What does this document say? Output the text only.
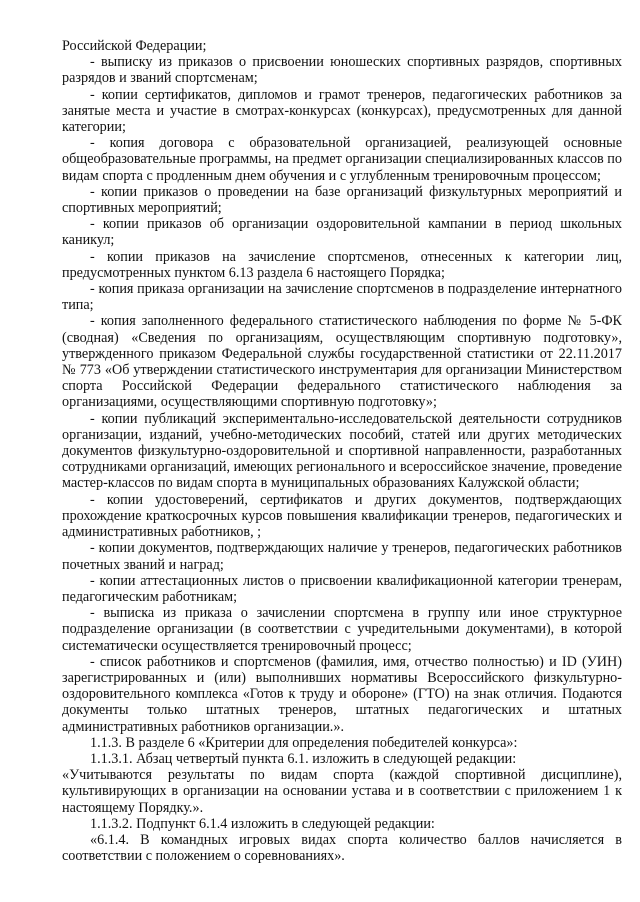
Российской Федерации;

- выписку из приказов о присвоении юношеских спортивных разрядов, спортивных разрядов и званий спортсменам;

- копии сертификатов, дипломов и грамот тренеров, педагогических работников за занятые места и участие в смотрах-конкурсах (конкурсах), предусмотренных для данной категории;

- копия договора с образовательной организацией, реализующей основные общеобразовательные программы, на предмет организации специализированных классов по видам спорта с продленным днем обучения и с углубленным тренировочным процессом;

- копии приказов о проведении на базе организаций физкультурных мероприятий и спортивных мероприятий;

- копии приказов об организации оздоровительной кампании в период школьных каникул;

- копии приказов на зачисление спортсменов, отнесенных к категории лиц, предусмотренных пунктом 6.13 раздела 6 настоящего Порядка;

- копия приказа организации на зачисление спортсменов в подразделение интернатного типа;

- копия заполненного федерального статистического наблюдения по форме № 5-ФК (сводная) «Сведения по организациям, осуществляющим спортивную подготовку», утвержденного приказом Федеральной службы государственной статистики от 22.11.2017 № 773 «Об утверждении статистического инструментария для организации Министерством спорта Российской Федерации федерального статистического наблюдения за организациями, осуществляющими спортивную подготовку»;

- копии публикаций экспериментально-исследовательской деятельности сотрудников организации, изданий, учебно-методических пособий, статей или других методических документов физкультурно-оздоровительной и спортивной направленности, разработанных сотрудниками организаций, имеющих регионального и всероссийское значение, проведение мастер-классов по видам спорта в муниципальных образованиях Калужской области;

- копии удостоверений, сертификатов и других документов, подтверждающих прохождение краткосрочных курсов повышения квалификации тренеров, педагогических и административных работников, ;

- копии документов, подтверждающих наличие у тренеров, педагогических работников почетных званий и наград;

- копии аттестационных листов о присвоении квалификационной категории тренерам, педагогическим работникам;

- выписка из приказа о зачислении спортсмена в группу или иное структурное подразделение организации (в соответствии с учредительными документами), в которой систематически осуществляется тренировочный процесс;

- список работников и спортсменов (фамилия, имя, отчество полностью) и ID (УИН) зарегистрированных и (или) выполнивших нормативы Всероссийского физкультурно-оздоровительного комплекса «Готов к труду и обороне» (ГТО) на знак отличия. Подаются документы только штатных тренеров, штатных педагогических и штатных административных работников организации.».

1.1.3. В разделе 6 «Критерии для определения победителей конкурса»:

1.1.3.1. Абзац четвертый пункта 6.1. изложить в следующей редакции:

«Учитываются результаты по видам спорта (каждой спортивной дисциплине), культивирующих в организации на основании устава и в соответствии с приложением 1 к настоящему Порядку.».

1.1.3.2. Подпункт 6.1.4 изложить в следующей редакции:

«6.1.4. В командных игровых видах спорта количество баллов начисляется в соответствии с положением о соревнованиях».
